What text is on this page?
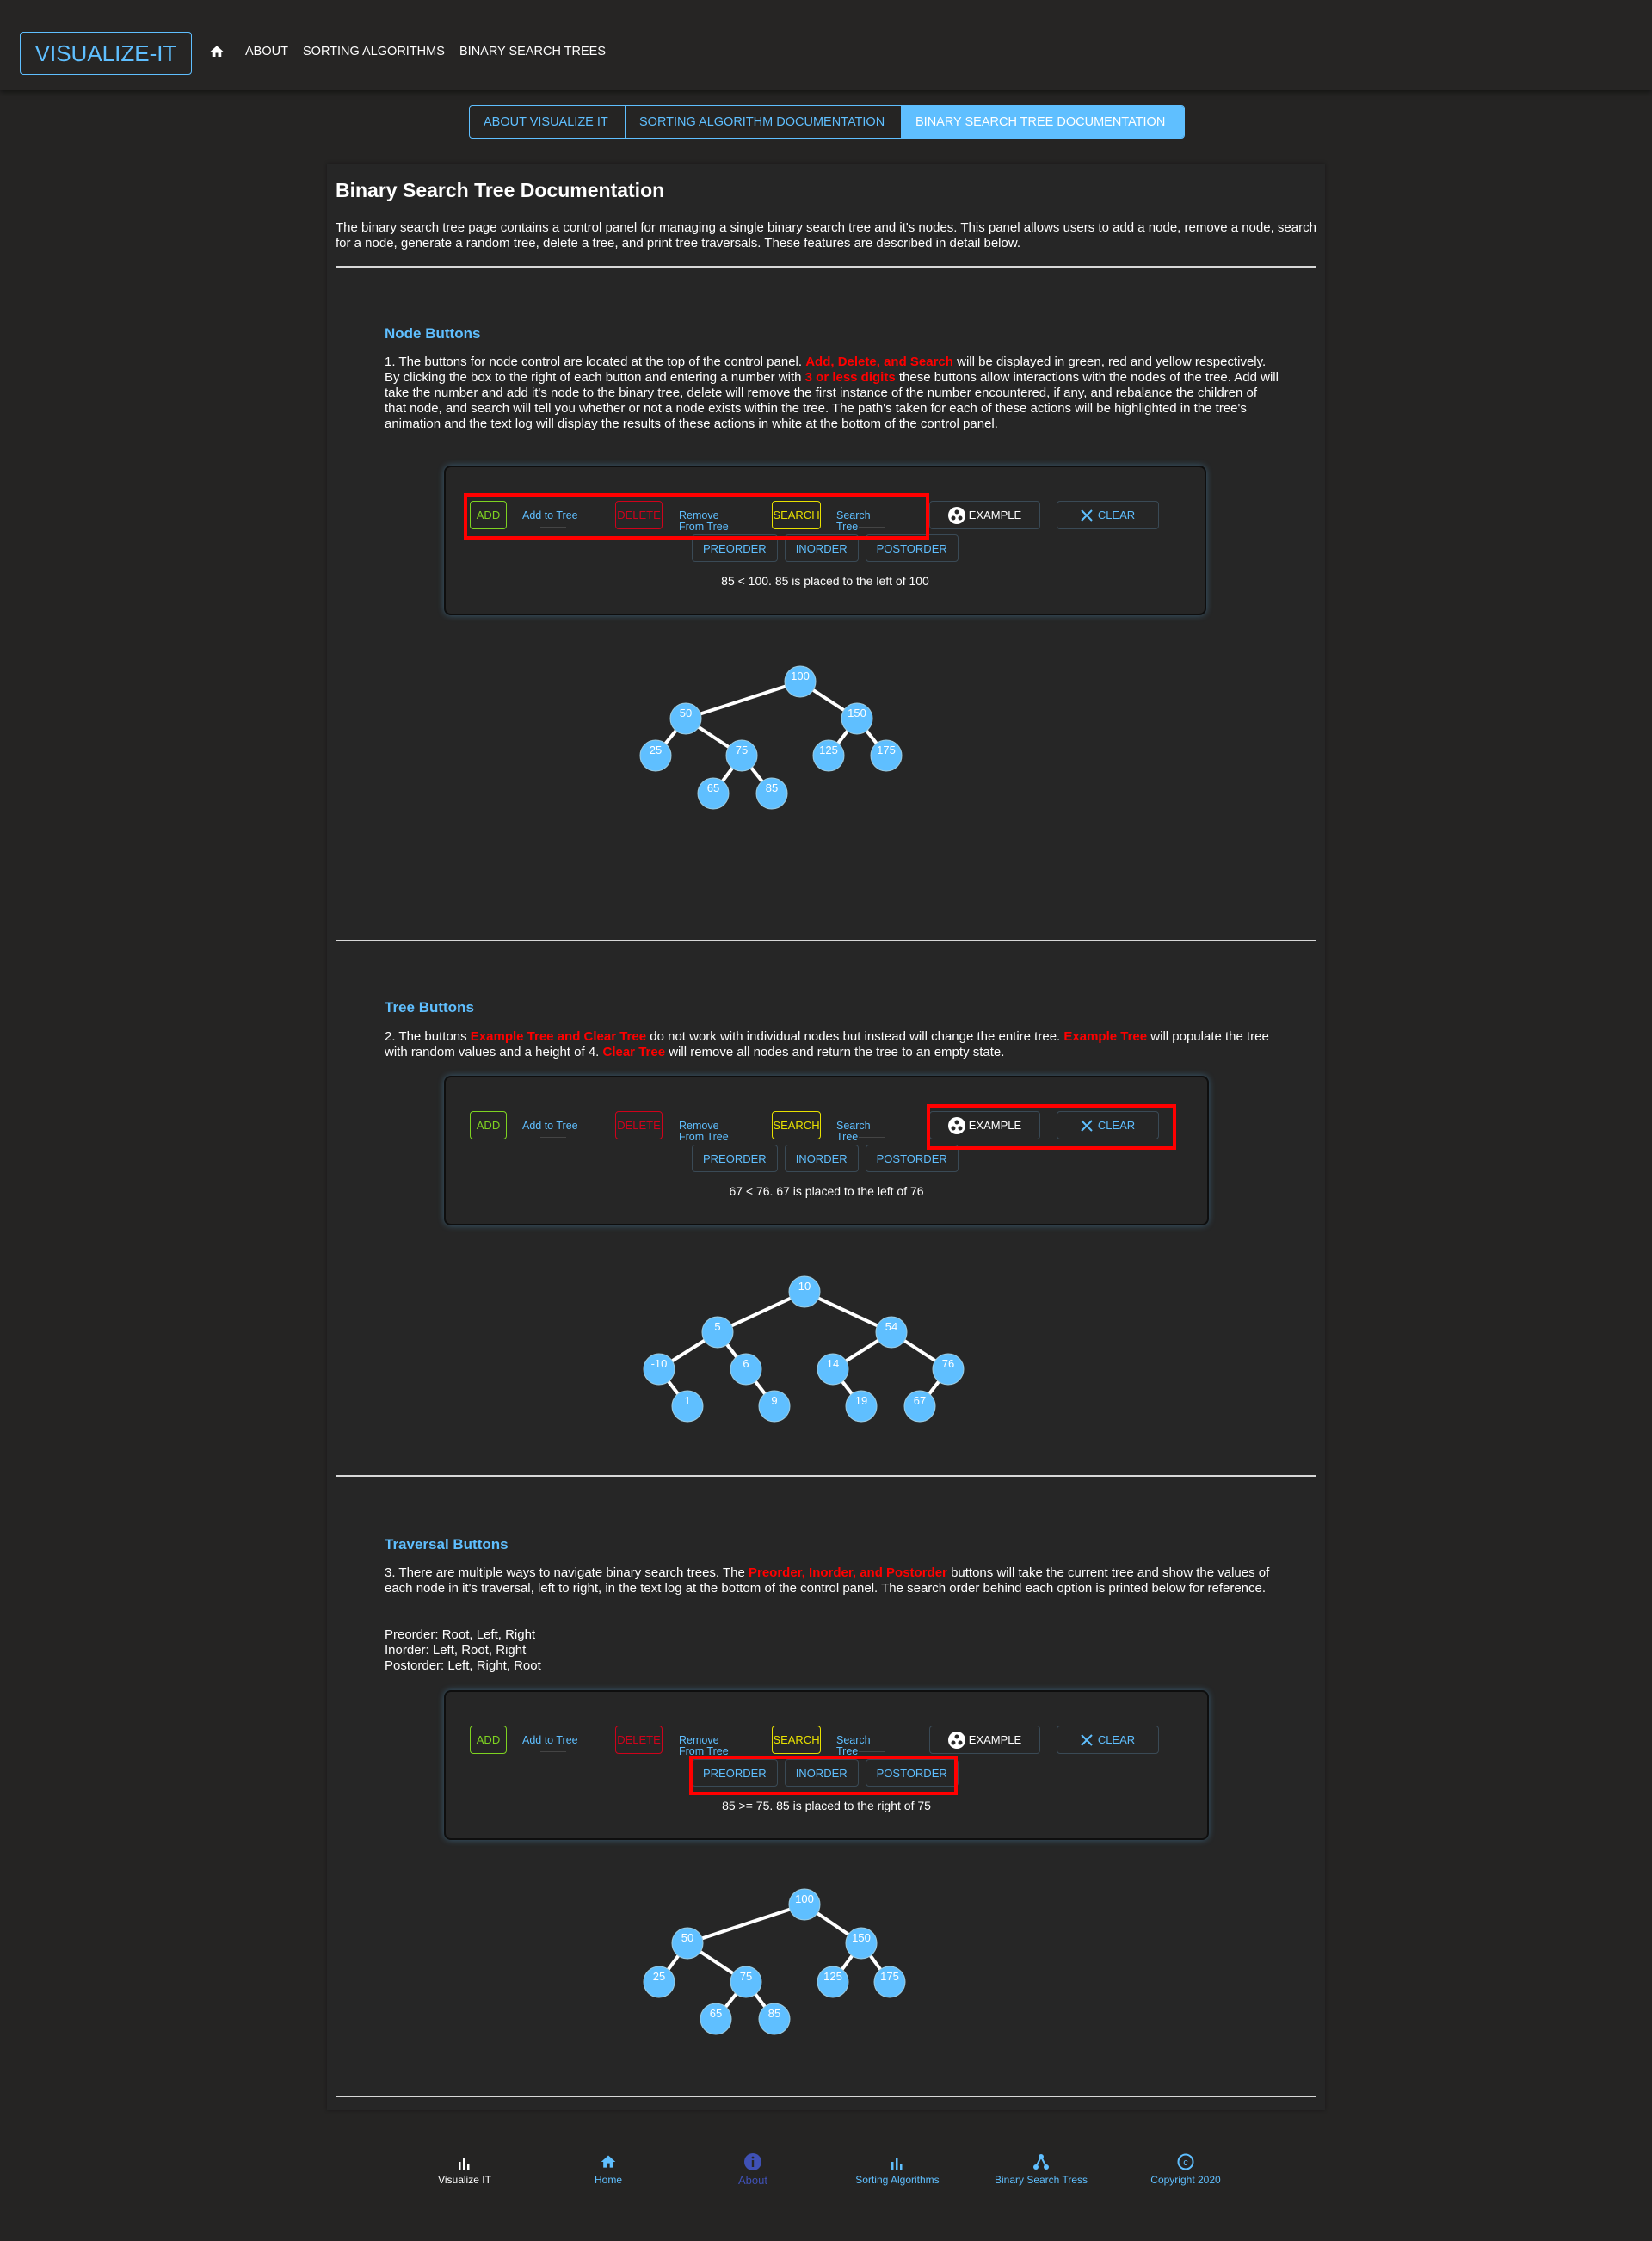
VISUALIZE-IT	ABOUT SORTING ALGORITHMS BINARY SEARCH TREES
ABOUT VISUALIZE IT	SORTING ALGORITHM DOCUMENTATION	BINARY SEARCH TREE DOCUMENTATION
Binary Search Tree Documentation
The binary search tree page contains a control panel for managing a single binary search tree and it's nodes. This panel allows users to add a node, remove a node, search for a node, generate a random tree, delete a tree, and print tree traversals. These features are described in detail below.
Node Buttons
1. The buttons for node control are located at the top of the control panel. Add, Delete, and Search will be displayed in green, red and yellow respectively. By clicking the box to the right of each button and entering a number with 3 or less digits these buttons allow interactions with the nodes of the tree. Add will take the number and add it's node to the binary tree, delete will remove the first instance of the number encountered, if any, and rebalance the children of that node, and search will tell you whether or not a node exists within the tree. The path's taken for each of these actions will be highlighted in the tree's animation and the text log will display the results of these actions in white at the bottom of the control panel.
ADD	Add to Tree	DELETE Remove From Tree
SEARCH Search Tree
EXAMPLE	CLEAR
PREORDER	INORDER	POSTORDER
85 < 100. 85 is placed to the left of 100
100
50	150
25	75	125	175
65	85
10
5	54
-10	6	14	76
1	9	19	67
100
50	150
25	75	125	175
65	85
Tree Buttons
2. The buttons Example Tree and Clear Tree do not work with individual nodes but instead will change the entire tree. Example Tree will populate the tree with random values and a height of 4. Clear Tree will remove all nodes and return the tree to an empty state.
ADD	Add to Tree	DELETE Remove From Tree
SEARCH Search Tree
EXAMPLE	CLEAR
PREORDER	INORDER	POSTORDER
67 < 76. 67 is placed to the left of 76
Traversal Buttons
3. There are multiple ways to navigate binary search trees. The Preorder, Inorder, and Postorder buttons will take the current tree and show the values of each node in it's traversal, left to right, in the text log at the bottom of the control panel. The search order behind each option is printed below for reference.
Preorder: Root, Left, Right
Inorder: Left, Root, Right
Postorder: Left, Right, Root
ADD	Add to Tree	DELETE Remove From Tree
SEARCH Search Tree
EXAMPLE	CLEAR
PREORDER	INORDER	POSTORDER
85 >= 75. 85 is placed to the right of 75
Visualize IT	Home	About	Sorting Algorithms	Binary Search Tress
c
Copyright 2020
